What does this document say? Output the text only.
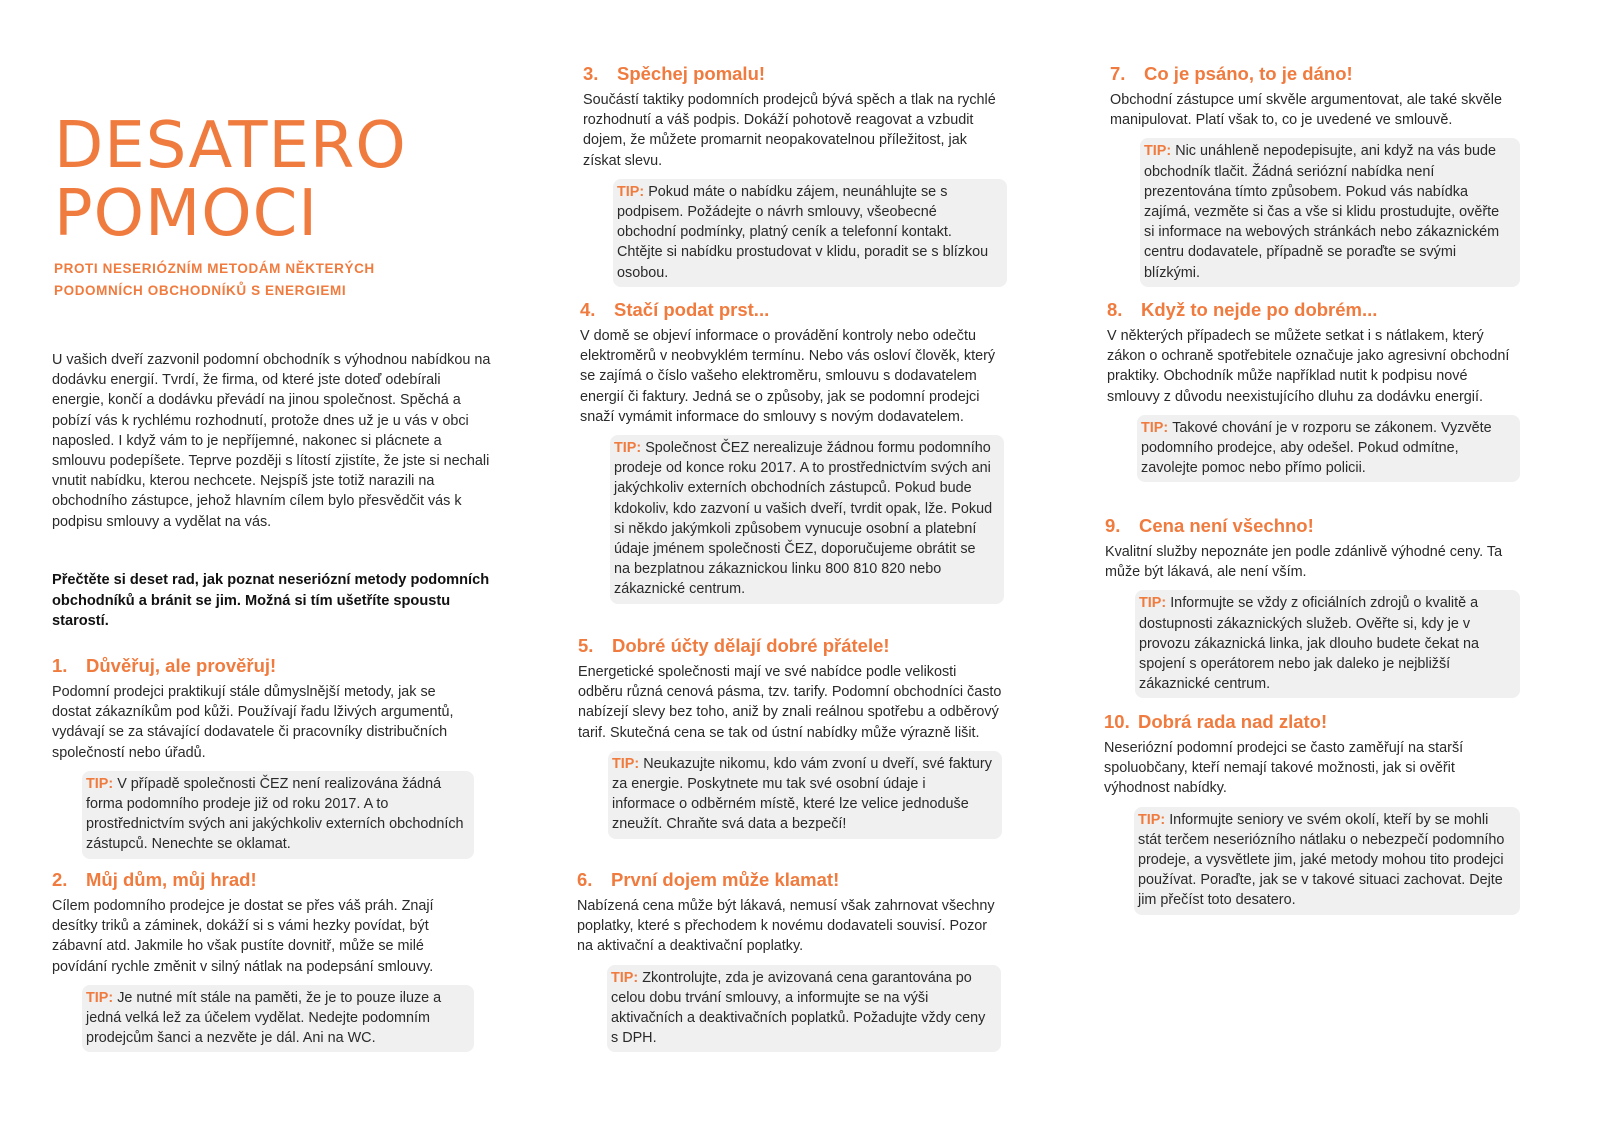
DESATERO
POMOCI
PROTI NESERIÓZNÍM METODÁM NĚKTERÝCH PODOMNÍCH OBCHODNÍKŮ S ENERGIEMI

U vašich dveří zazvonil podomní obchodník s výhodnou nabídkou na dodávku energií. Tvrdí, že firma, od které jste doteď odebírali energie, končí a dodávku převádí na jinou společnost. Spěchá a pobízí vás k rychlému rozhodnutí, protože dnes už je u vás v obci naposled. I když vám to je nepříjemné, nakonec si plácnete a smlouvu podepíšete. Teprve později s lítostí zjistíte, že jste si nechali vnutit nabídku, kterou nechcete. Nejspíš jste totiž narazili na obchodního zástupce, jehož hlavním cílem bylo přesvědčit vás k podpisu smlouvy a vydělat na vás.

Přečtěte si deset rad, jak poznat neseriózní metody podomních obchodníků a bránit se jim. Možná si tím ušetříte spoustu starostí.

1. Důvěřuj, ale prověřuj!

Podomní prodejci praktikují stále důmyslnější metody, jak se dostat zákazníkům pod kůži. Používají řadu lživých argumentů, vydávají se za stávající dodavatele či pracovníky distribučních společností nebo úřadů.

TIP: V případě společnosti ČEZ není realizována žádná forma podomního prodeje již od roku 2017. A to prostřednictvím svých ani jakýchkoliv externích obchodních zástupců. Nenechte se oklamat.
2. Můj dům, můj hrad!

Cílem podomního prodejce je dostat se přes váš práh. Znají desítky triků a záminek, dokáží si s vámi hezky povídat, být zábavní atd. Jakmile ho však pustíte dovnitř, může se milé povídání rychle změnit v silný nátlak na podepsání smlouvy.

TIP: Je nutné mít stále na paměti, že je to pouze iluze a jedná velká lež za účelem vydělat. Nedejte podomním prodejcům šanci a nezvěte je dál. Ani na WC.
3. Spěchej pomalu!

Součástí taktiky podomních prodejců bývá spěch a tlak na rychlé rozhodnutí a váš podpis. Dokáží pohotově reagovat a vzbudit dojem, že můžete promarnit neopakovatelnou příležitost, jak získat slevu.

TIP: Pokud máte o nabídku zájem, neunáhlujte se s podpisem. Požádejte o návrh smlouvy, všeobecné obchodní podmínky, platný ceník a telefonní kontakt. Chtějte si nabídku prostudovat v klidu, poradit se s blízkou osobou.
4. Stačí podat prst...

V domě se objeví informace o provádění kontroly nebo odečtu elektroměrů v neobvyklém termínu. Nebo vás osloví člověk, který se zajímá o číslo vašeho elektroměru, smlouvu s dodavatelem energií či faktury. Jedná se o způsoby, jak se podomní prodejci snaží vymámit informace do smlouvy s novým dodavatelem.

TIP: Společnost ČEZ nerealizuje žádnou formu podomního prodeje od konce roku 2017. A to prostřednictvím svých ani jakýchkoliv externích obchodních zástupců. Pokud bude kdokoliv, kdo zazvoní u vašich dveří, tvrdit opak, lže. Pokud si někdo jakýmkoli způsobem vynucuje osobní a platební údaje jménem společnosti ČEZ, doporučujeme obrátit se na bezplatnou zákaznickou linku 800 810 820 nebo zákaznické centrum.
5. Dobré účty dělají dobré přátele!

Energetické společnosti mají ve své nabídce podle velikosti odběru různá cenová pásma, tzv. tarify. Podomní obchodníci často nabízejí slevy bez toho, aniž by znali reálnou spotřebu a odběrový tarif. Skutečná cena se tak od ústní nabídky může výrazně lišit.

TIP: Neukazujte nikomu, kdo vám zvoní u dveří, své faktury za energie. Poskytnete mu tak své osobní údaje i informace o odběrném místě, které lze velice jednoduše zneužít. Chraňte svá data a bezpečí!
6. První dojem může klamat!

Nabízená cena může být lákavá, nemusí však zahrnovat všechny poplatky, které s přechodem k novému dodavateli souvisí. Pozor na aktivační a deaktivační poplatky.

TIP: Zkontrolujte, zda je avizovaná cena garantována po celou dobu trvání smlouvy, a informujte se na výši aktivačních a deaktivačních poplatků. Požadujte vždy ceny s DPH.
7. Co je psáno, to je dáno!

Obchodní zástupce umí skvěle argumentovat, ale také skvěle manipulovat. Platí však to, co je uvedené ve smlouvě.

TIP: Nic unáhleně nepodepisujte, ani když na vás bude obchodník tlačit. Žádná seriózní nabídka není prezentována tímto způsobem. Pokud vás nabídka zajímá, vezměte si čas a vše si klidu prostudujte, ověřte si informace na webových stránkách nebo zákaznickém centru dodavatele, případně se poraďte se svými blízkými.
8. Když to nejde po dobrém...

V některých případech se můžete setkat i s nátlakem, který zákon o ochraně spotřebitele označuje jako agresivní obchodní praktiky. Obchodník může například nutit k podpisu nové smlouvy z důvodu neexistujícího dluhu za dodávku energií.

TIP: Takové chování je v rozporu se zákonem. Vyzvěte podomního prodejce, aby odešel. Pokud odmítne, zavolejte pomoc nebo přímo policii.
9. Cena není všechno!

Kvalitní služby nepoznáte jen podle zdánlivě výhodné ceny. Ta může být lákavá, ale není vším.

TIP: Informujte se vždy z oficiálních zdrojů o kvalitě a dostupnosti zákaznických služeb. Ověřte si, kdy je v provozu zákaznická linka, jak dlouho budete čekat na spojení s operátorem nebo jak daleko je nejbližší zákaznické centrum.
10. Dobrá rada nad zlato!

Neseriózní podomní prodejci se často zaměřují na starší spoluobčany, kteří nemají takové možnosti, jak si ověřit výhodnost nabídky.

TIP: Informujte seniory ve svém okolí, kteří by se mohli stát terčem neseriózního nátlaku o nebezpečí podomního prodeje, a vysvětlete jim, jaké metody mohou tito prodejci používat. Poraďte, jak se v takové situaci zachovat. Dejte jim přečíst toto desatero.
